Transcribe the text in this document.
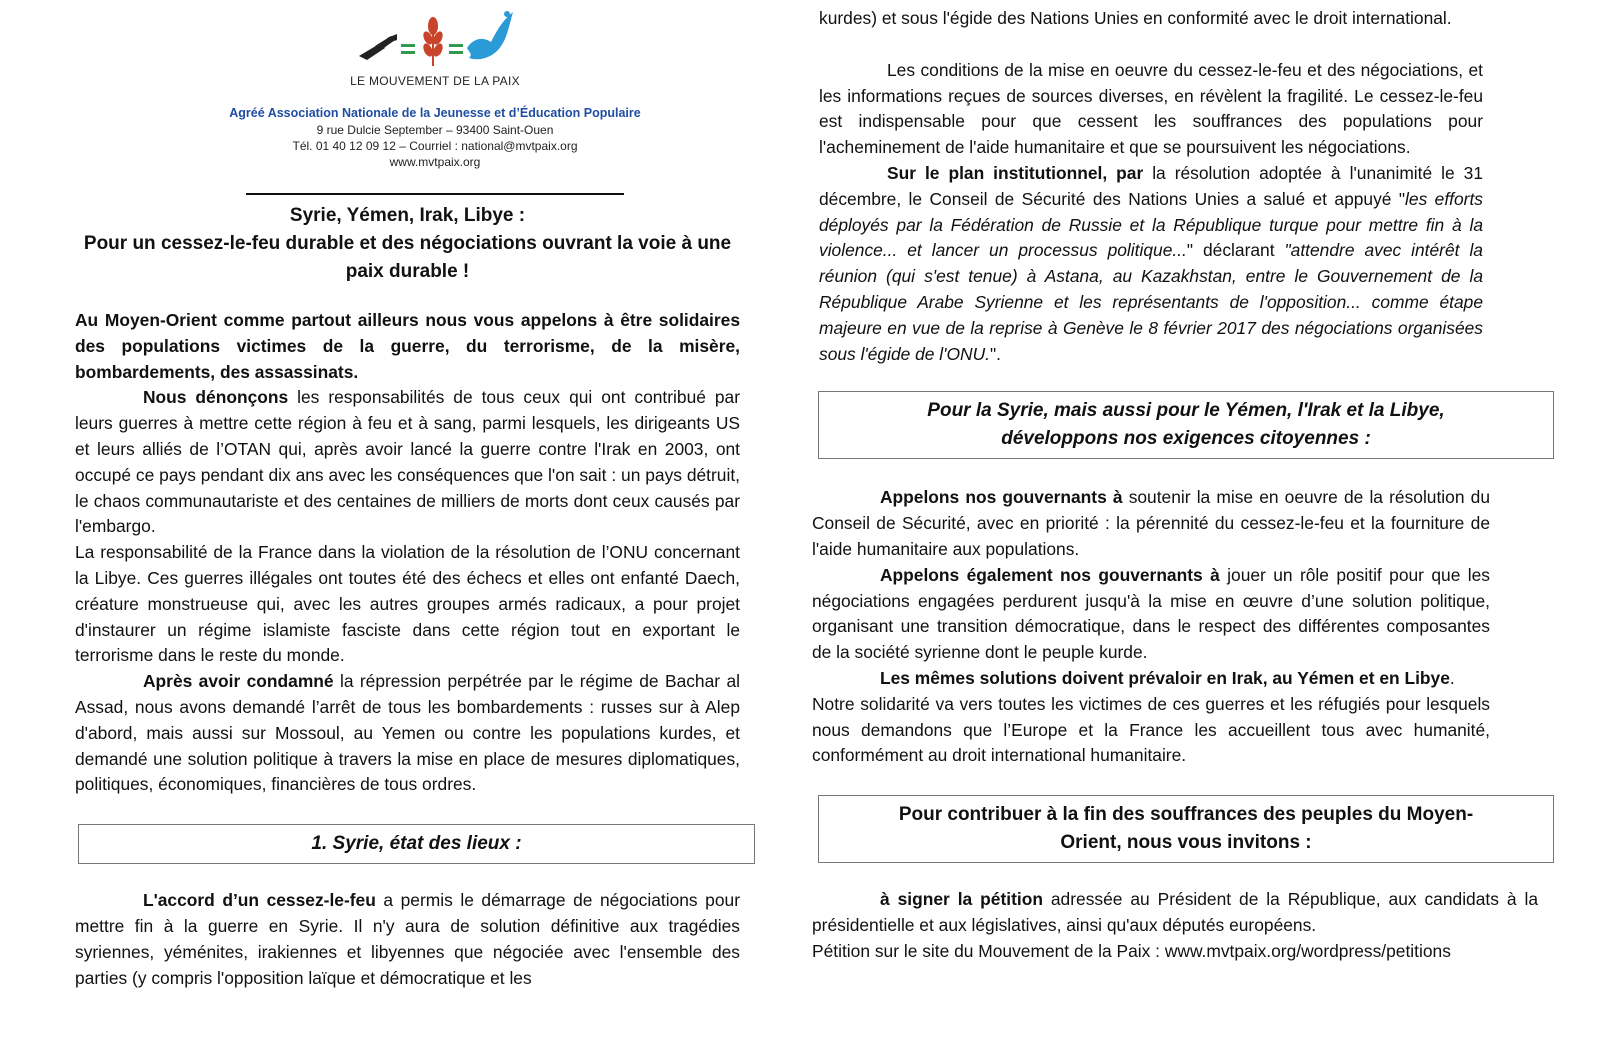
LE MOUVEMENT DE LA PAIX
Agréé Association Nationale de la Jeunesse et d’Éducation Populaire
9 rue Dulcie September – 93400 Saint-Ouen
Tél. 01 40 12 09 12 – Courriel : national@mvtpaix.org
www.mvtpaix.org
Syrie, Yémen, Irak, Libye :
Pour un cessez-le-feu durable et des négociations ouvrant la voie à une paix durable !

Au Moyen-Orient comme partout ailleurs nous vous appelons à être solidaires des populations victimes de la guerre, du terrorisme, de la misère, bombardements, des assassinats.

Nous dénonçons les responsabilités de tous ceux qui ont contribué par leurs guerres à mettre cette région à feu et à sang, parmi lesquels, les dirigeants US et leurs alliés de l’OTAN qui, après avoir lancé la guerre contre l'Irak en 2003, ont occupé ce pays pendant dix ans avec les conséquences que l'on sait : un pays détruit, le chaos communautariste et des centaines de milliers de morts dont ceux causés par l'embargo.

La responsabilité de la France dans la violation de la résolution de l’ONU concernant la Libye. Ces guerres illégales ont toutes été des échecs et elles ont enfanté Daech, créature monstrueuse qui, avec les autres groupes armés radicaux, a pour projet d'instaurer un régime islamiste fasciste dans cette région tout en exportant le terrorisme dans le reste du monde.

Après avoir condamné la répression perpétrée par le régime de Bachar al Assad, nous avons demandé l’arrêt de tous les bombardements : russes sur à Alep d'abord, mais aussi sur Mossoul, au Yemen ou contre les populations kurdes, et demandé une solution politique à travers la mise en place de mesures diplomatiques, politiques, économiques, financières de tous ordres.

1. Syrie, état des lieux :

L'accord d’un cessez-le-feu a permis le démarrage de négociations pour mettre fin à la guerre en Syrie. Il n'y aura de solution définitive aux tragédies syriennes, yéménites, irakiennes et libyennes que négociée avec l'ensemble des parties (y compris l'opposition laïque et démocratique et les

kurdes) et sous l'égide des Nations Unies en conformité avec le droit international.

Les conditions de la mise en oeuvre du cessez-le-feu et des négociations, et les informations reçues de sources diverses, en révèlent la fragilité. Le cessez-le-feu est indispensable pour que cessent les souffrances des populations pour l'acheminement de l'aide humanitaire et que se poursuivent les négociations.

Sur le plan institutionnel, par la résolution adoptée à l'unanimité le 31 décembre, le Conseil de Sécurité des Nations Unies a salué et appuyé "les efforts déployés par la Fédération de Russie et la République turque pour mettre fin à la violence... et lancer un processus politique..." déclarant "attendre avec intérêt la réunion (qui s'est tenue) à Astana, au Kazakhstan, entre le Gouvernement de la République Arabe Syrienne et les représentants de l'opposition... comme étape majeure en vue de la reprise à Genève le 8 février 2017 des négociations organisées sous l'égide de l'ONU.".

Pour la Syrie, mais aussi pour le Yémen, l'Irak et la Libye,
développons nos exigences citoyennes :

Appelons nos gouvernants à soutenir la mise en oeuvre de la résolution du Conseil de Sécurité, avec en priorité : la pérennité du cessez-le-feu et la fourniture de l'aide humanitaire aux populations.

Appelons également nos gouvernants à jouer un rôle positif pour que les négociations engagées perdurent jusqu'à la mise en œuvre d’une solution politique, organisant une transition démocratique, dans le respect des différentes composantes de la société syrienne dont le peuple kurde.

Les mêmes solutions doivent prévaloir en Irak, au Yémen et en Libye.

Notre solidarité va vers toutes les victimes de ces guerres et les réfugiés pour lesquels nous demandons que l’Europe et la France les accueillent tous avec humanité, conformément au droit international humanitaire.

Pour contribuer à la fin des souffrances des peuples du Moyen-
Orient, nous vous invitons :

à signer la pétition adressée au Président de la République, aux candidats à la présidentielle et aux législatives, ainsi qu'aux députés européens.

Pétition sur le site du Mouvement de la Paix : www.mvtpaix.org/wordpress/petitions
